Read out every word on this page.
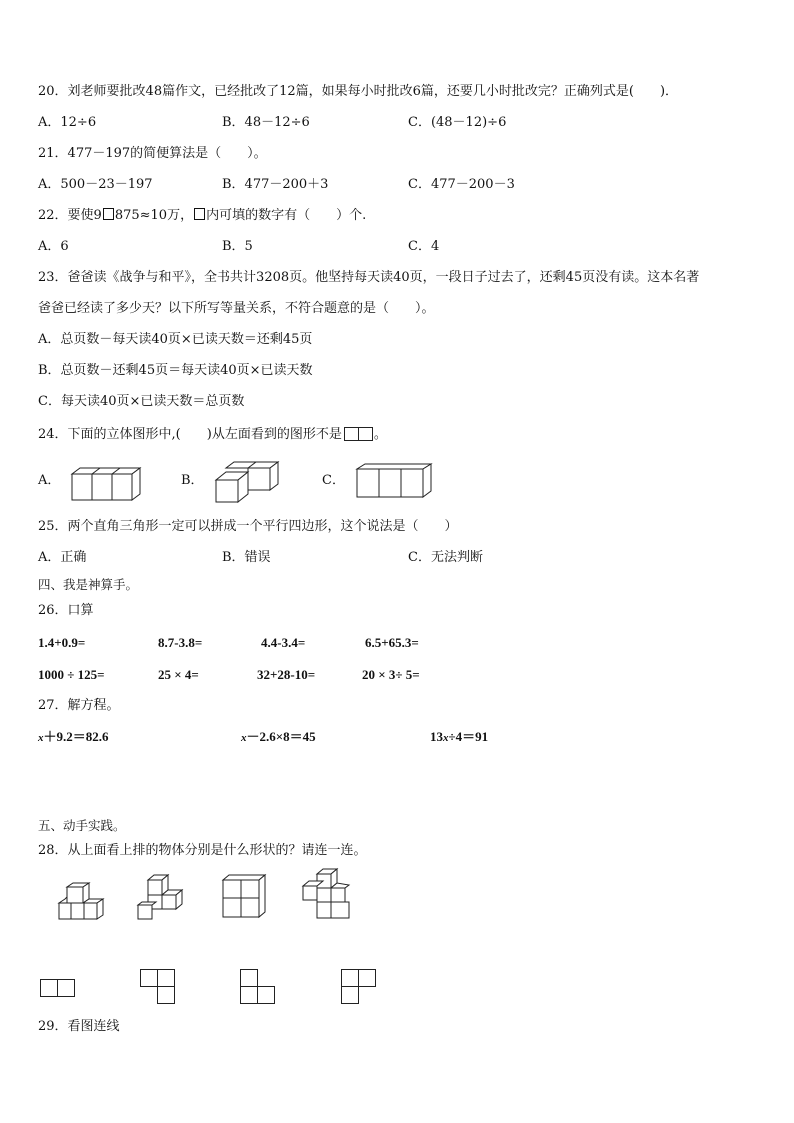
20．刘老师要批改48篇作文，已经批改了12篇，如果每小时批改6篇，还要几小时批改完？正确列式是(　　)．
A．12÷6	B．48－12÷6	C．(48－12)÷6
21．477－197的简便算法是（　　）。
A．500－23－197	B．477－200＋3	C．477－200－3
22．要使9 875≈10万， 内可填的数字有（　　）个.
A．6	B．5	C．4
23．爸爸读《战争与和平》，全书共计3208页。他坚持每天读40页，一段日子过去了，还剩45页没有读。这本名著
爸爸已经读了多少天？以下所写等量关系，不符合题意的是（　　）。
A．总页数－每天读40页×已读天数＝还剩45页
B．总页数－还剩45页＝每天读40页×已读天数
C．每天读40页×已读天数＝总页数
24．下面的立体图形中,(　　)从左面看到的图形不是 。
A．	B．	C．
25．两个直角三角形一定可以拼成一个平行四边形，这个说法是（　　）
A．正确	B．错误	C．无法判断
四、我是神算手。
26．口算
1.4+0.9=	8.7-3.8=	4.4-3.4=	6.5+65.3=
1000 ÷ 125=	25 × 4=	32+28-10=	20 × 3÷ 5=
27．解方程。
x＋9.2＝82.6	x－2.6×8＝45	13x÷4＝91
五、动手实践。
28．从上面看上排的物体分别是什么形状的？请连一连。
29．看图连线
